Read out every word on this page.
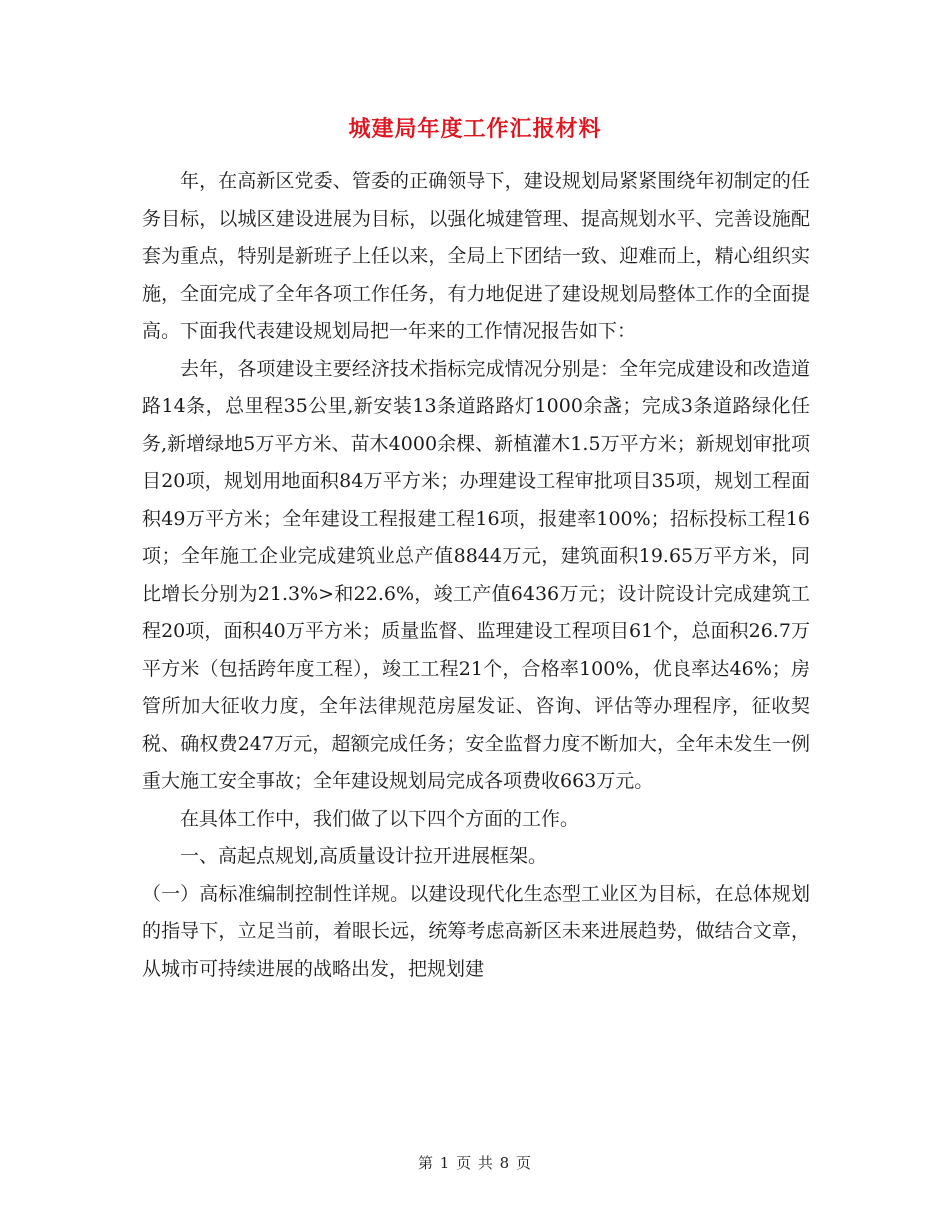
城建局年度工作汇报材料

年，在高新区党委、管委的正确领导下，建设规划局紧紧围绕年初制定的任务目标，以城区建设进展为目标，以强化城建管理、提高规划水平、完善设施配套为重点，特别是新班子上任以来，全局上下团结一致、迎难而上，精心组织实施，全面完成了全年各项工作任务，有力地促进了建设规划局整体工作的全面提高。下面我代表建设规划局把一年来的工作情况报告如下：

去年，各项建设主要经济技术指标完成情况分别是：全年完成建设和改造道路14条，总里程35公里,新安装13条道路路灯1000余盏；完成3条道路绿化任务,新增绿地5万平方米、苗木4000余棵、新植灌木1.5万平方米；新规划审批项目20项，规划用地面积84万平方米；办理建设工程审批项目35项，规划工程面积49万平方米；全年建设工程报建工程16项，报建率100%；招标投标工程16项；全年施工企业完成建筑业总产值8844万元，建筑面积19.65万平方米，同比增长分别为21.3%>和22.6%，竣工产值6436万元；设计院设计完成建筑工程20项，面积40万平方米；质量监督、监理建设工程项目61个，总面积26.7万平方米（包括跨年度工程），竣工工程21个，合格率100%，优良率达46%；房管所加大征收力度，全年法律规范房屋发证、咨询、评估等办理程序，征收契税、确权费247万元，超额完成任务；安全监督力度不断加大，全年未发生一例重大施工安全事故；全年建设规划局完成各项费收663万元。

在具体工作中，我们做了以下四个方面的工作。

一、高起点规划,高质量设计拉开进展框架。

（一）高标准编制控制性详规。以建设现代化生态型工业区为目标，在总体规划的指导下，立足当前，着眼长远，统筹考虑高新区未来进展趋势，做结合文章，从城市可持续进展的战略出发，把规划建

第 1 页 共 8 页
